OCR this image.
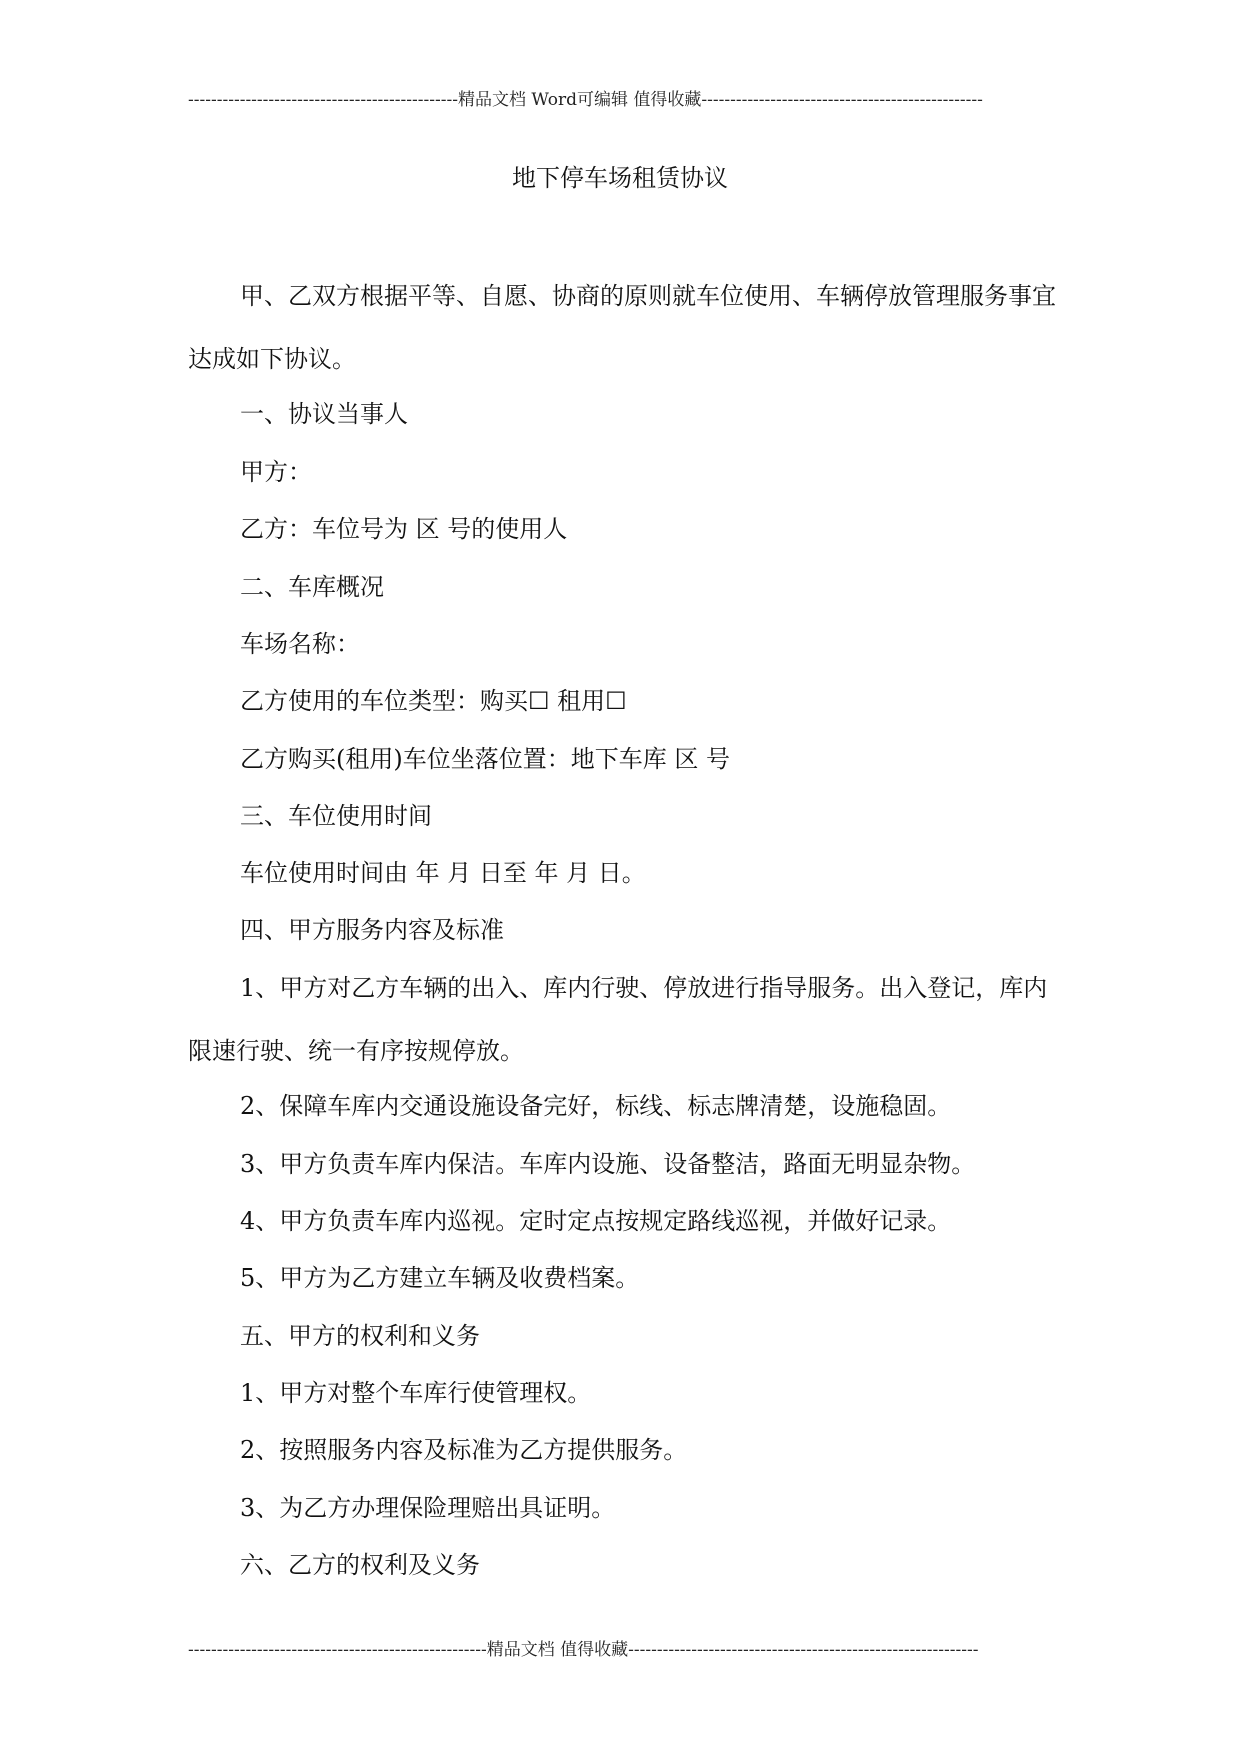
-----------------------------------------------精品文档 Word可编辑 值得收藏-------------------------------------------------
地下停车场租赁协议
甲、乙双方根据平等、自愿、协商的原则就车位使用、车辆停放管理服务事宜
达成如下协议。
一、协议当事人
甲方：
乙方：车位号为 区 号的使用人
二、车库概况
车场名称：
乙方使用的车位类型：购买☐ 租用☐
乙方购买(租用)车位坐落位置：地下车库 区 号
三、车位使用时间
车位使用时间由 年 月 日至 年 月 日。
四、甲方服务内容及标准
1、甲方对乙方车辆的出入、库内行驶、停放进行指导服务。出入登记，库内
限速行驶、统一有序按规停放。
2、保障车库内交通设施设备完好，标线、标志牌清楚，设施稳固。
3、甲方负责车库内保洁。车库内设施、设备整洁，路面无明显杂物。
4、甲方负责车库内巡视。定时定点按规定路线巡视，并做好记录。
5、甲方为乙方建立车辆及收费档案。
五、甲方的权利和义务
1、甲方对整个车库行使管理权。
2、按照服务内容及标准为乙方提供服务。
3、为乙方办理保险理赔出具证明。
六、乙方的权利及义务
----------------------------------------------------精品文档 值得收藏-------------------------------------------------------------
